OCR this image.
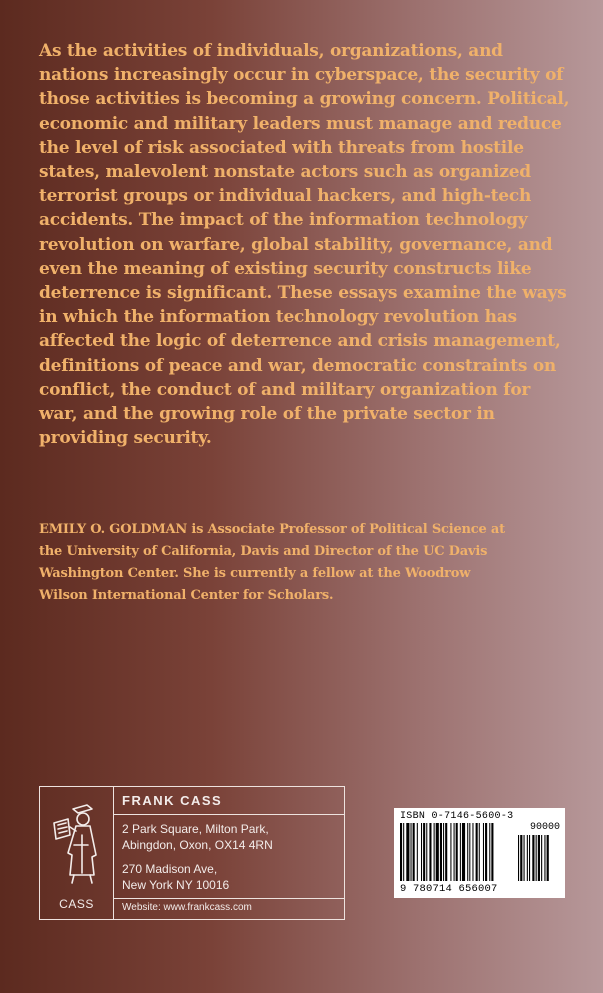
As the activities of individuals, organizations, and
nations increasingly occur in cyberspace, the security of
those activities is becoming a growing concern. Political,
economic and military leaders must manage and reduce
the level of risk associated with threats from hostile
states, malevolent nonstate actors such as organized
terrorist groups or individual hackers, and high-tech
accidents. The impact of the information technology
revolution on warfare, global stability, governance, and
even the meaning of existing security constructs like
deterrence is significant. These essays examine the ways
in which the information technology revolution has
affected the logic of deterrence and crisis management,
definitions of peace and war, democratic constraints on
conflict, the conduct of and military organization for
war, and the growing role of the private sector in
providing security.
EMILY O. GOLDMAN is Associate Professor of Political Science at
the University of California, Davis and Director of the UC Davis
Washington Center. She is currently a fellow at the Woodrow
Wilson International Center for Scholars.
CASS
FRANK CASS
2 Park Square, Milton Park,
Abingdon, Oxon, OX14 4RN
270 Madison Ave,
New York NY 10016
Website: www.frankcass.com
ISBN 0-7146-5600-3
90000
9 780714 656007
